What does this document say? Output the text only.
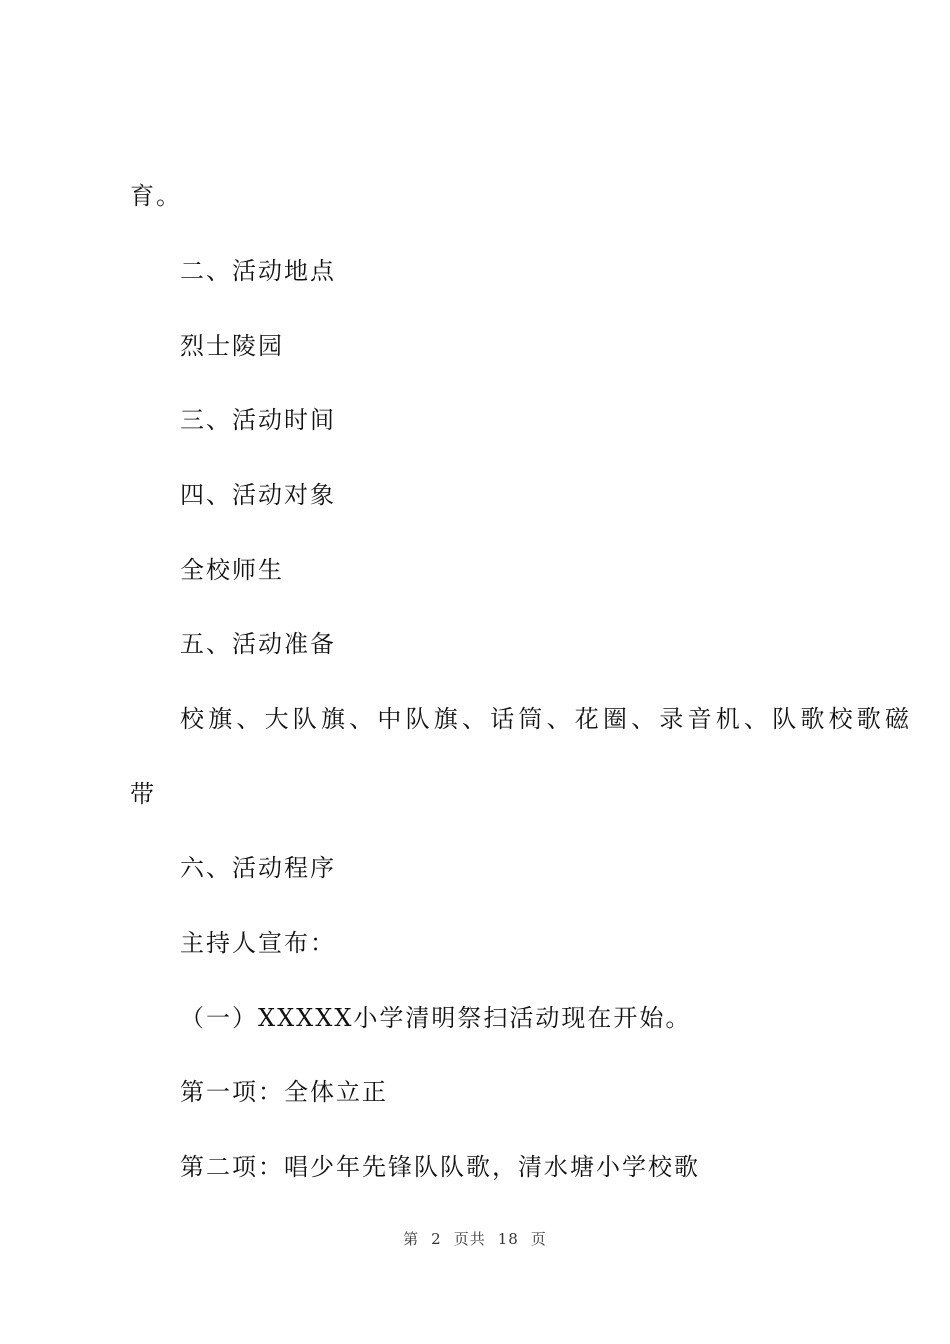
育。
二、活动地点
烈士陵园
三、活动时间
四、活动对象
全校师生
五、活动准备
校旗、大队旗、中队旗、话筒、花圈、录音机、队歌校歌磁
带
六、活动程序
主持人宣布：
（一）XXXXX小学清明祭扫活动现在开始。
第一项：全体立正
第二项：唱少年先锋队队歌，清水塘小学校歌
第 2 页共 18 页
